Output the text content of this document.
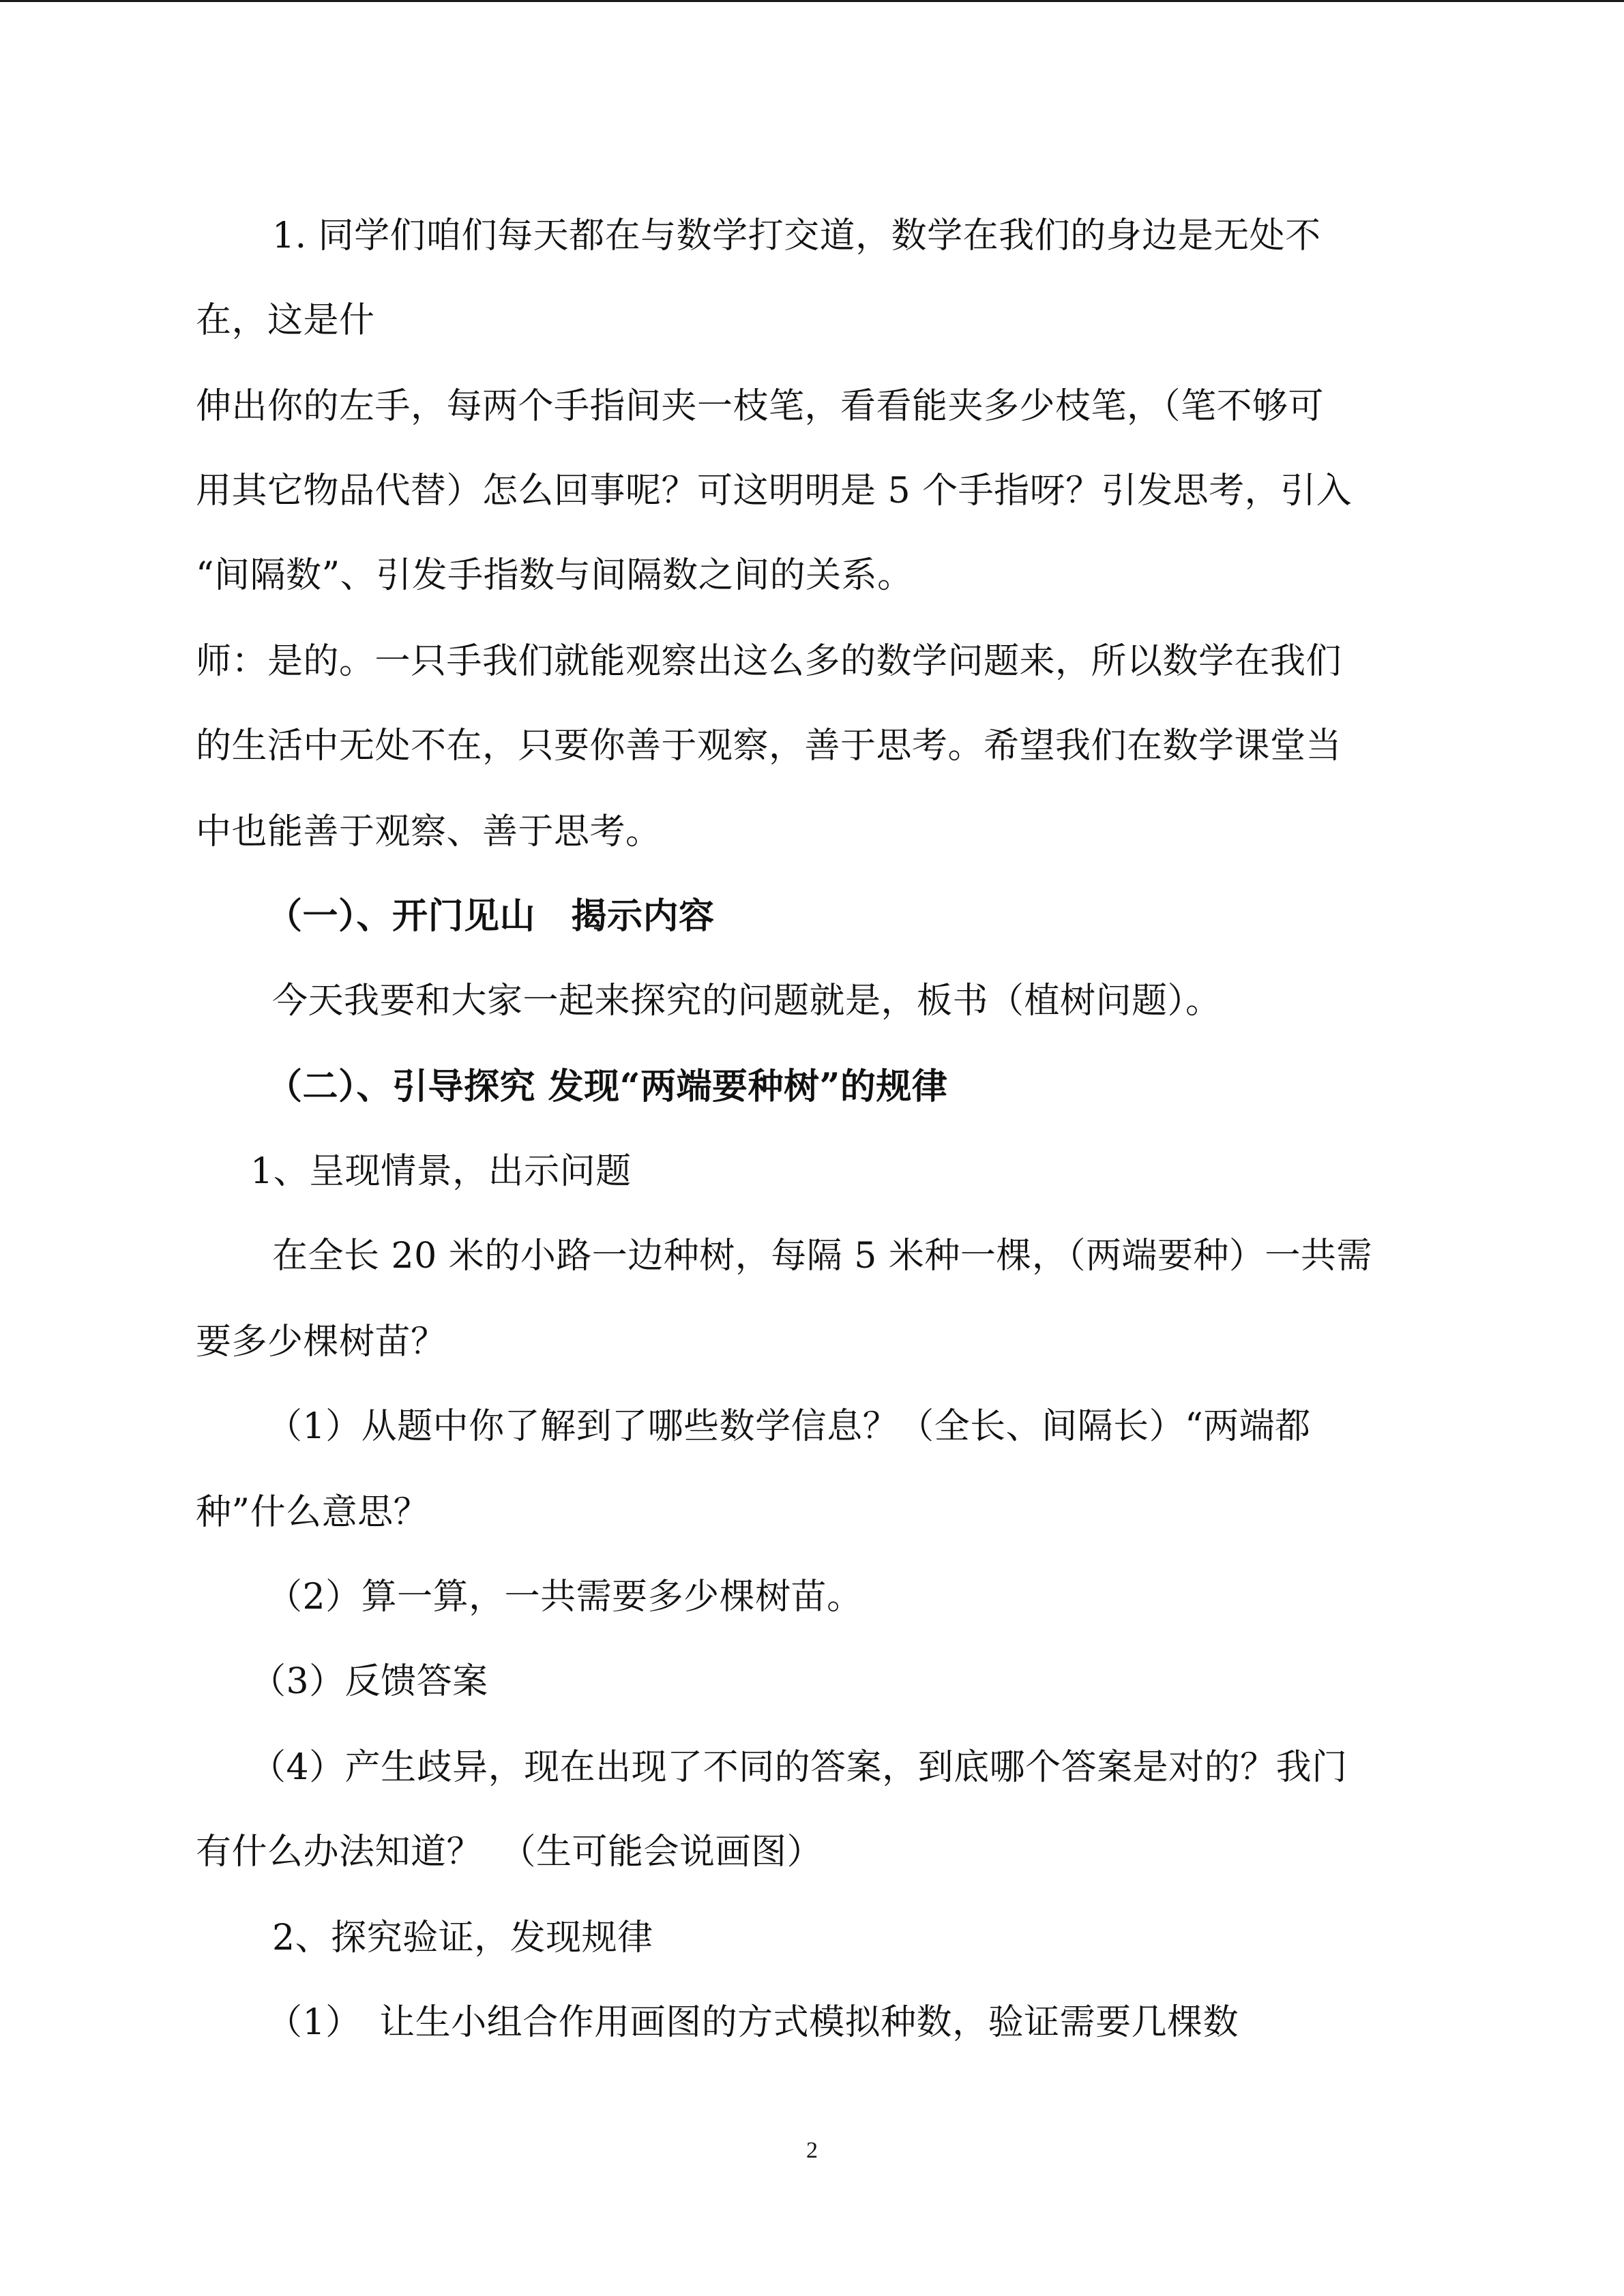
1. 同学们咱们每天都在与数学打交道，数学在我们的身边是无处不
在，这是什
伸出你的左手，每两个手指间夹一枝笔，看看能夹多少枝笔，（笔不够可
用其它物品代替）怎么回事呢？可这明明是 5 个手指呀？引发思考，引入
“间隔数”、引发手指数与间隔数之间的关系。
师：是的。一只手我们就能观察出这么多的数学问题来，所以数学在我们
的生活中无处不在，只要你善于观察，善于思考。希望我们在数学课堂当
中也能善于观察、善于思考。
（一）、开门见山　揭示内容
今天我要和大家一起来探究的问题就是，板书（植树问题）。
（二）、引导探究 发现“两端要种树”的规律
1、呈现情景，出示问题
在全长 20 米的小路一边种树，每隔 5 米种一棵，（两端要种）一共需
要多少棵树苗？
（1）从题中你了解到了哪些数学信息？（全长、间隔长）“两端都
种”什么意思？
（2）算一算，一共需要多少棵树苗。
（3）反馈答案
（4）产生歧异，现在出现了不同的答案，到底哪个答案是对的？我门
有什么办法知道？　（生可能会说画图）
2、探究验证，发现规律
（1）　让生小组合作用画图的方式模拟种数，验证需要几棵数
2
